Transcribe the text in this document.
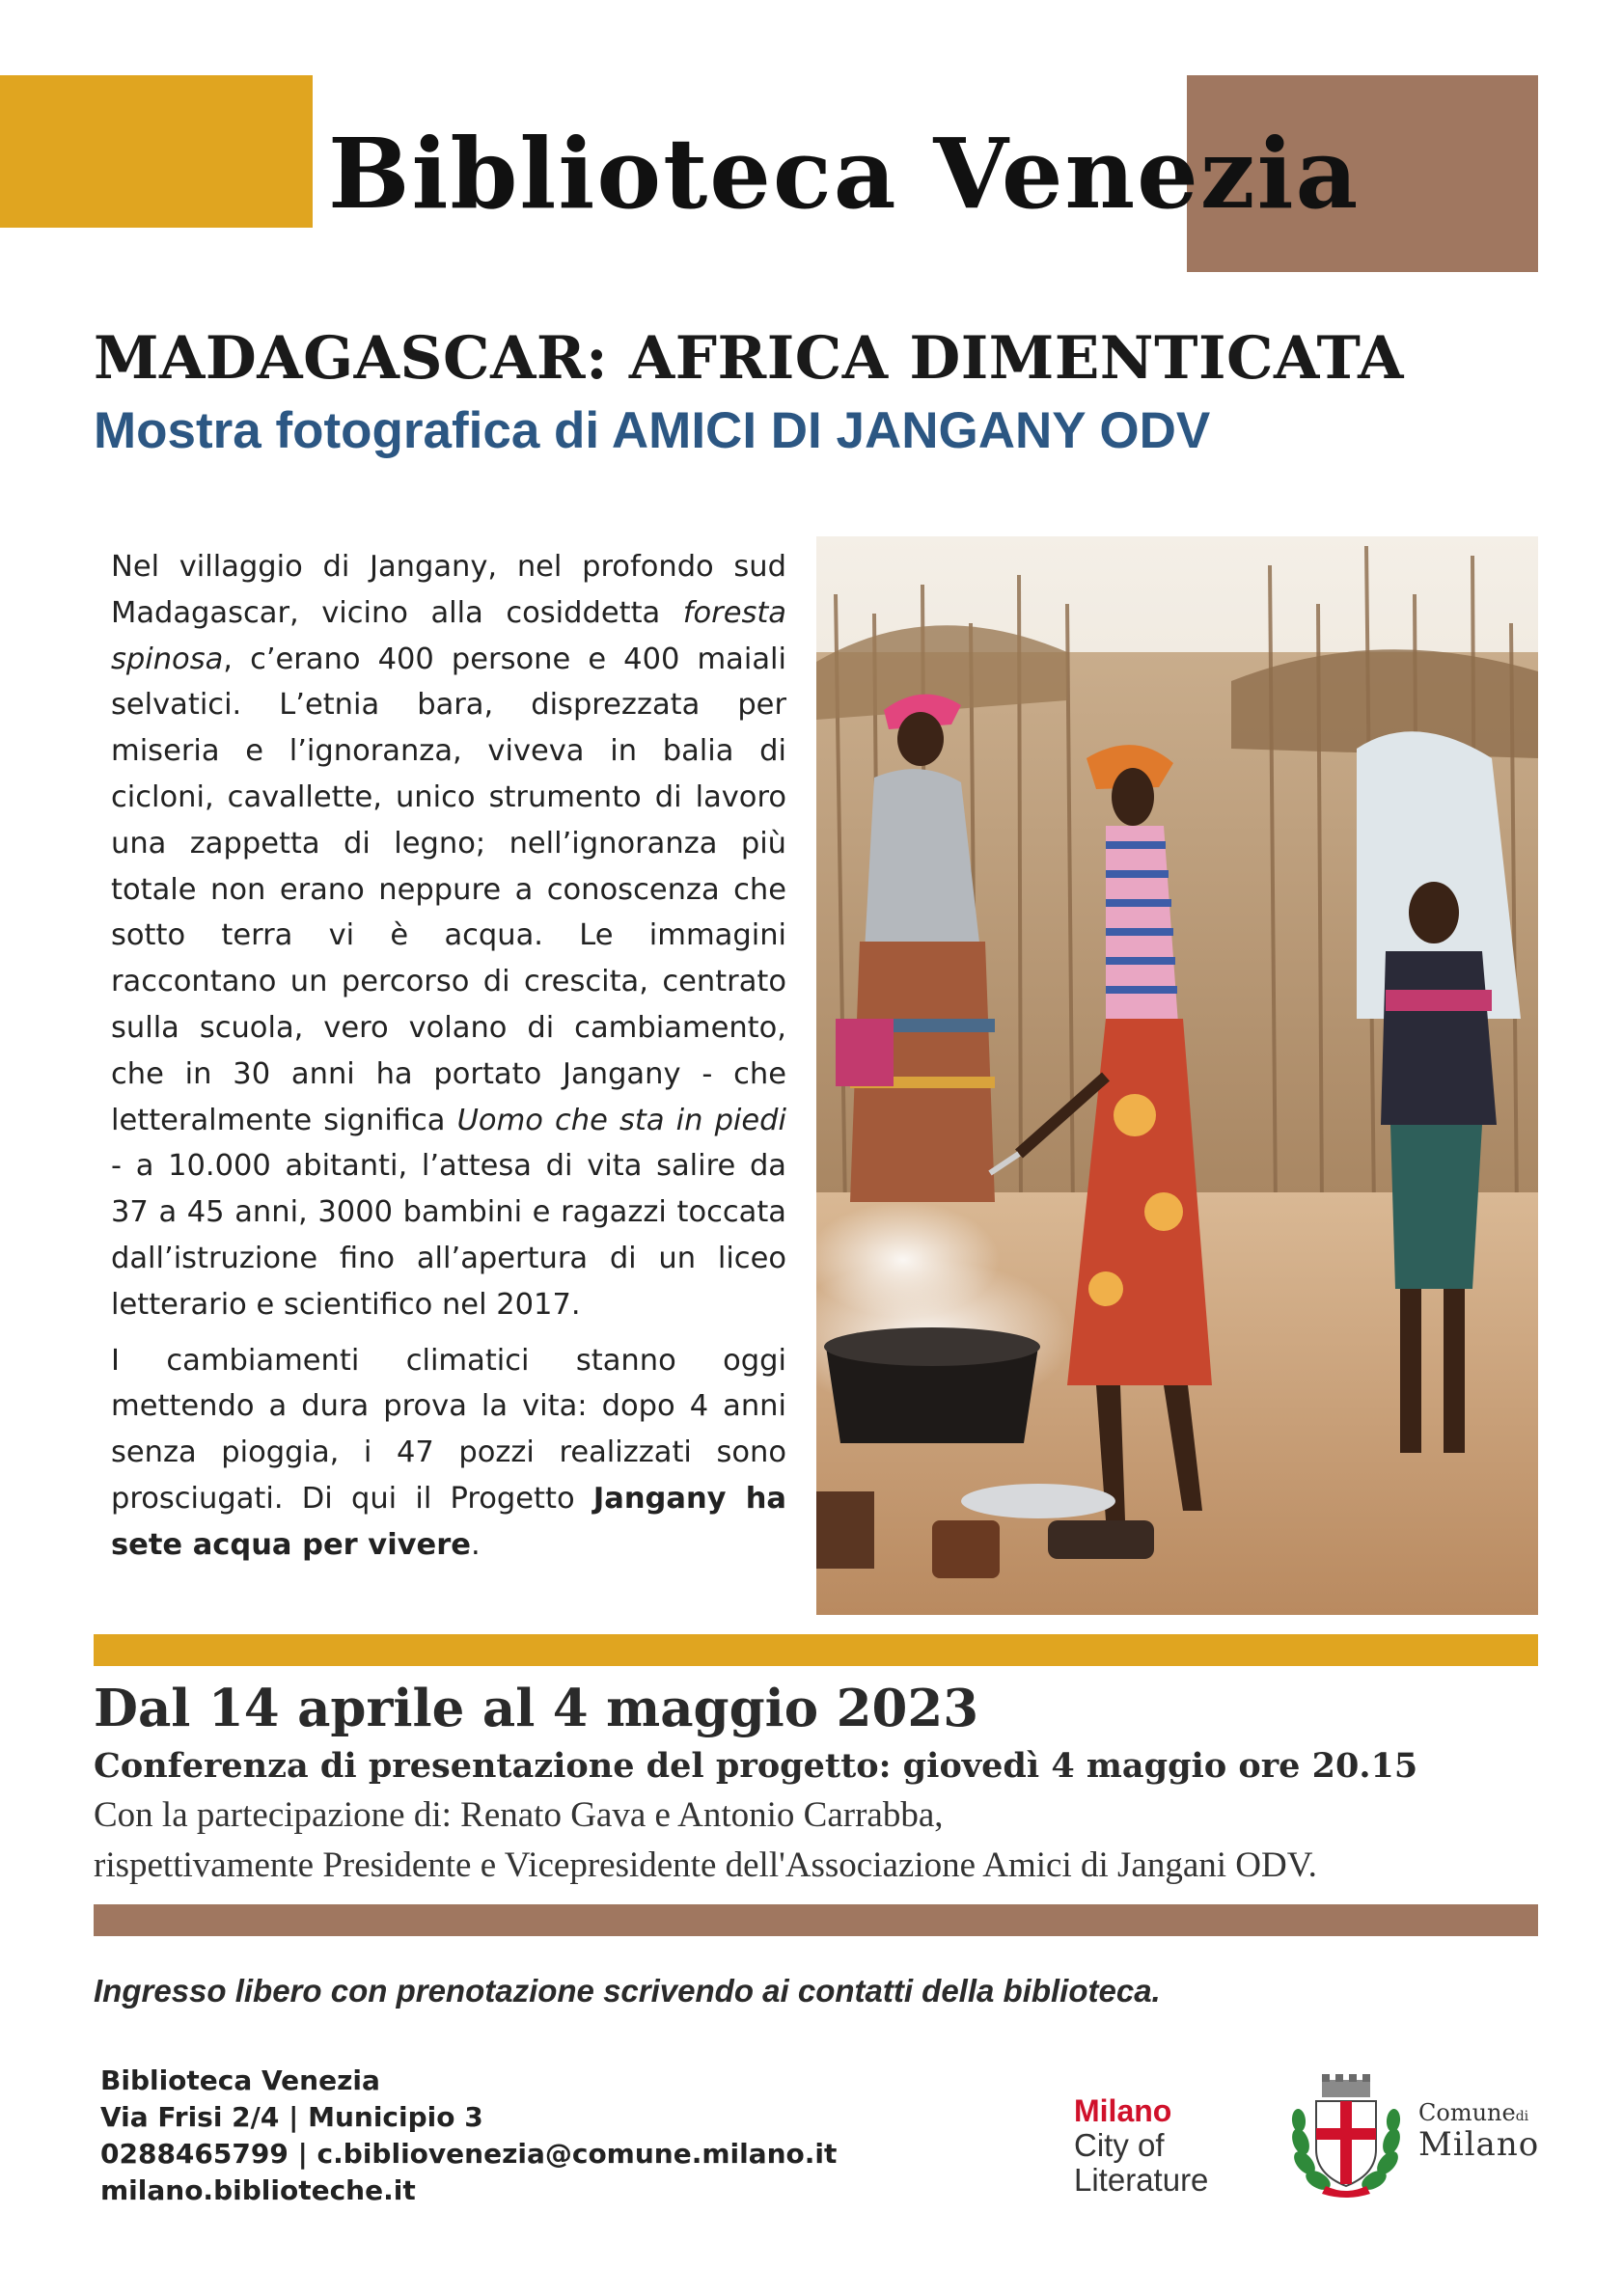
Biblioteca Venezia
MADAGASCAR: AFRICA DIMENTICATA
Mostra fotografica di AMICI DI JANGANY ODV

Nel villaggio di Jangany, nel profondo sud Madagascar, vicino alla cosiddetta foresta spinosa, c’erano 400 persone e 400 maiali selvatici. L’etnia bara, disprezzata per miseria e l’ignoranza, viveva in balia di cicloni, cavallette, unico strumento di lavoro una zappetta di legno; nell’ignoranza più totale non erano neppure a conoscenza che sotto terra vi è acqua. Le immagini raccontano un percorso di crescita, centrato sulla scuola, vero volano di cambiamento, che in 30 anni ha portato Jangany - che letteralmente significa Uomo che sta in piedi - a 10.000 abitanti, l’attesa di vita salire da 37 a 45 anni, 3000 bambini e ragazzi toccata dall’istruzione fino all’apertura di un liceo letterario e scientifico nel 2017.

I cambiamenti climatici stanno oggi mettendo a dura prova la vita: dopo 4 anni senza pioggia, i 47 pozzi realizzati sono prosciugati. Di qui il Progetto Jangany ha sete acqua per vivere.

Dal 14 aprile al 4 maggio 2023
Conferenza di presentazione del progetto: giovedì 4 maggio ore 20.15
Con la partecipazione di: Renato Gava e Antonio Carrabba,
rispettivamente Presidente e Vicepresidente dell'Associazione Amici di Jangani ODV.
Ingresso libero con prenotazione scrivendo ai contatti della biblioteca.
Biblioteca Venezia
Via Frisi 2/4 | Municipio 3
0288465799 | c.bibliovenezia@comune.milano.it
milano.biblioteche.it
Milano
City of
Literature
Comunedi
Milano
